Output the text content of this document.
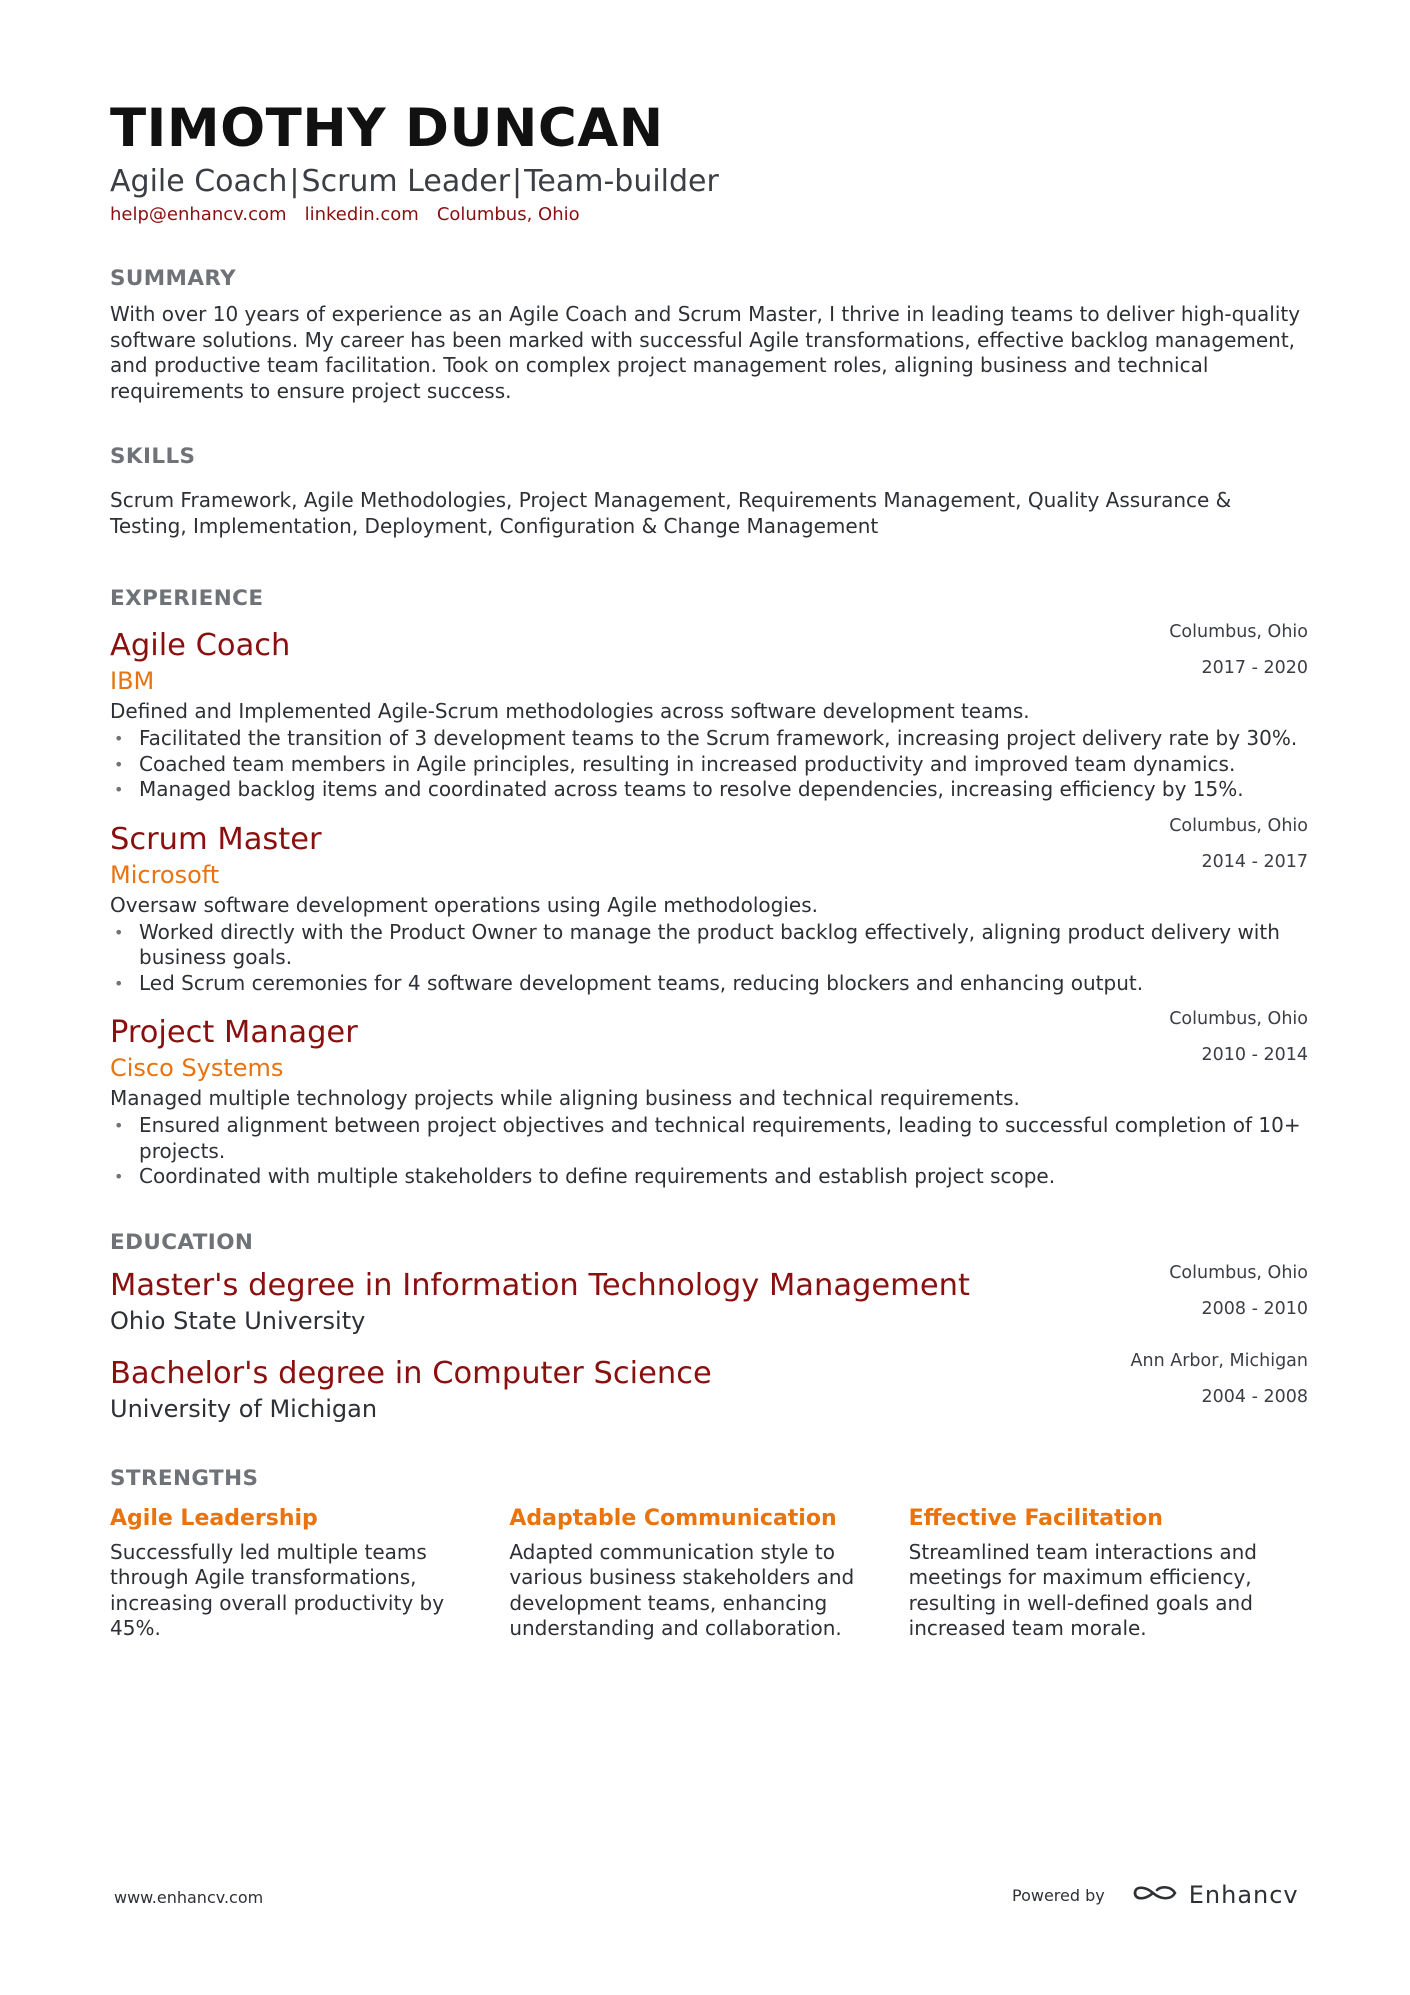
TIMOTHY DUNCAN
Agile Coach|Scrum Leader|Team-builder
help@enhancv.com linkedin.com Columbus, Ohio
SUMMARY

With over 10 years of experience as an Agile Coach and Scrum Master, I thrive in leading teams to deliver high-quality software solutions. My career has been marked with successful Agile transformations, effective backlog management, and productive team facilitation. Took on complex project management roles, aligning business and technical requirements to ensure project success.

SKILLS

Scrum Framework, Agile Methodologies, Project Management, Requirements Management, Quality Assurance & Testing, Implementation, Deployment, Configuration & Change Management

EXPERIENCE
Columbus, Ohio
2017 - 2020
Agile Coach
IBM
Defined and Implemented Agile-Scrum methodologies across software development teams.
• Facilitated the transition of 3 development teams to the Scrum framework, increasing project delivery rate by 30%.
• Coached team members in Agile principles, resulting in increased productivity and improved team dynamics.
• Managed backlog items and coordinated across teams to resolve dependencies, increasing efficiency by 15%.
Columbus, Ohio
2014 - 2017
Scrum Master
Microsoft
Oversaw software development operations using Agile methodologies.
• Worked directly with the Product Owner to manage the product backlog effectively, aligning product delivery with business goals.
• Led Scrum ceremonies for 4 software development teams, reducing blockers and enhancing output.
Columbus, Ohio
2010 - 2014
Project Manager
Cisco Systems
Managed multiple technology projects while aligning business and technical requirements.
• Ensured alignment between project objectives and technical requirements, leading to successful completion of 10+ projects.
• Coordinated with multiple stakeholders to define requirements and establish project scope.
EDUCATION
Columbus, Ohio
2008 - 2010
Master's degree in Information Technology Management
Ohio State University
Ann Arbor, Michigan
2004 - 2008
Bachelor's degree in Computer Science
University of Michigan
STRENGTHS
Agile Leadership
Successfully led multiple teams through Agile transformations, increasing overall productivity by 45%.
Adaptable Communication
Adapted communication style to various business stakeholders and development teams, enhancing understanding and collaboration.
Effective Facilitation
Streamlined team interactions and meetings for maximum efficiency, resulting in well-defined goals and increased team morale.
www.enhancv.com	Powered by	Enhancv
